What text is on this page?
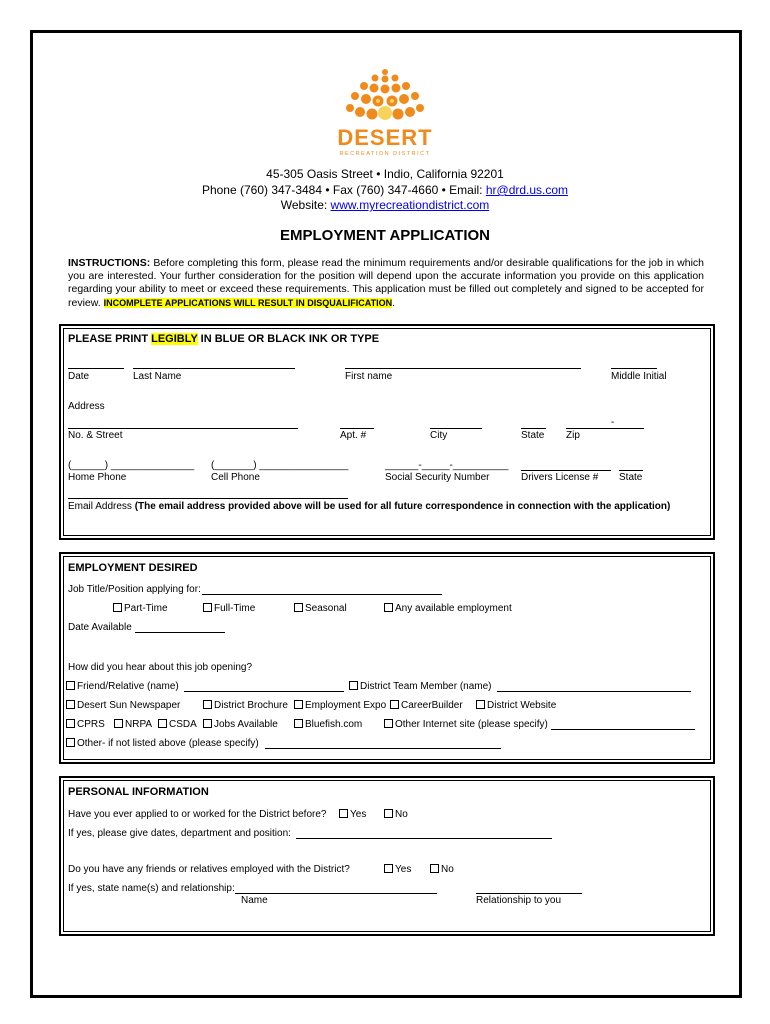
DESERT
RECREATION DISTRICT
45-305 Oasis Street • Indio, California 92201
Phone (760) 347-3484 • Fax (760) 347-4660 • Email: hr@drd.us.com
Website: www.myrecreationdistrict.com
EMPLOYMENT APPLICATION
INSTRUCTIONS: Before completing this form, please read the minimum requirements and/or desirable qualifications for the job in which you are interested. Your further consideration for the position will depend upon the accurate information you provide on this application regarding your ability to meet or exceed these requirements. This application must be filled out completely and signed to be accepted for review. INCOMPLETE APPLICATIONS WILL RESULT IN DISQUALIFICATION.
PLEASE PRINT LEGIBLY IN BLUE OR BLACK INK OR TYPE
Date	Last Name	First name	Middle Initial
Address
-
No. & Street	Apt. #	City	State Zip
(______) _______________ (_______) ________________	______-_____-__________
Home Phone	Cell Phone	Social Security Number	Drivers License # State
Email Address (The email address provided above will be used for all future correspondence in connection with the application)
EMPLOYMENT DESIRED
Job Title/Position applying for:
Part-Time	Full-Time	Seasonal	Any available employment
Date Available
How did you hear about this job opening?
Friend/Relative (name)	District Team Member (name)
Desert Sun Newspaper	District Brochure	Employment Expo	CareerBuilder	District Website
CPRS	NRPA	CSDA	Jobs Available	Bluefish.com	Other Internet site (please specify)
Other- if not listed above (please specify)
PERSONAL INFORMATION
Have you ever applied to or worked for the District before?	Yes	No
If yes, please give dates, department and position:
Do you have any friends or relatives employed with the District?	Yes	No
If yes, state name(s) and relationship:
Name	Relationship to you
